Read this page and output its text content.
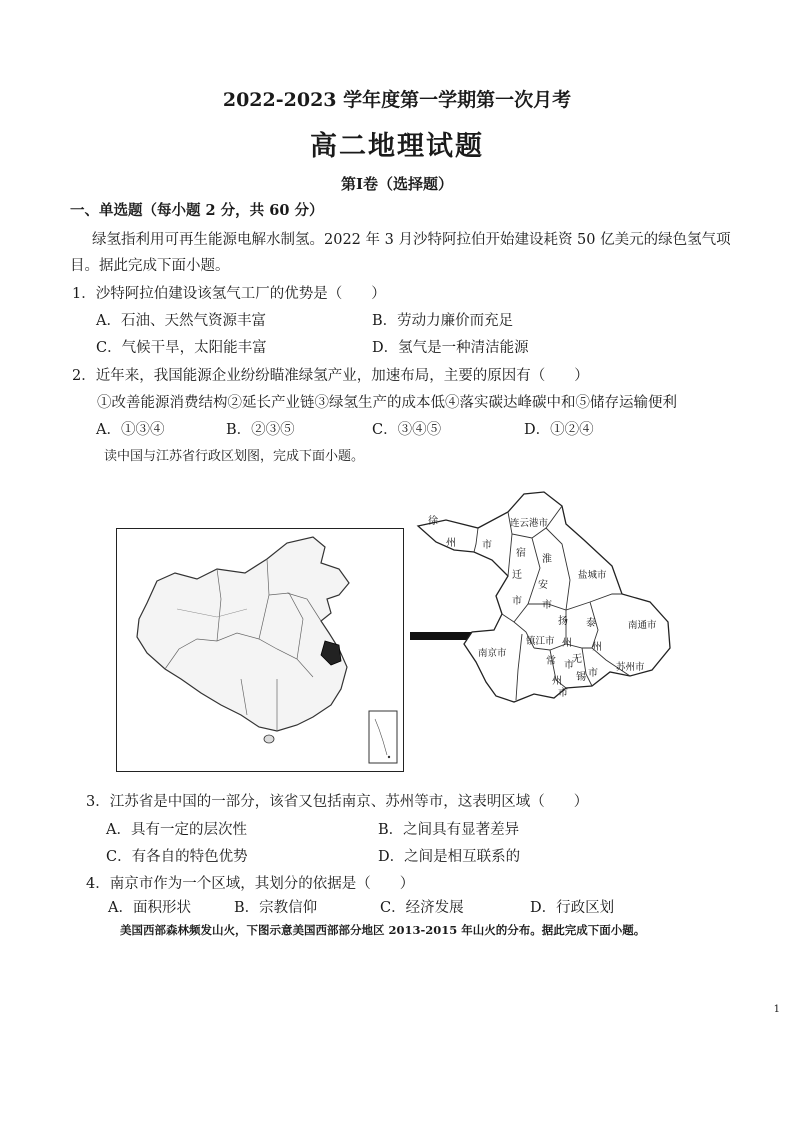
2022-2023 学年度第一学期第一次月考
高二地理试题
第Ⅰ卷（选择题）
一、单选题（每小题 2 分，共 60 分）
绿氢指利用可再生能源电解水制氢。2022 年 3 月沙特阿拉伯开始建设耗资 50 亿美元的绿色氢气项
目。据此完成下面小题。
1．沙特阿拉伯建设该氢气工厂的优势是（　　）
A．石油、天然气资源丰富	B．劳动力廉价而充足
C．气候干旱，太阳能丰富	D．氢气是一种清洁能源
2．近年来，我国能源企业纷纷瞄准绿氢产业，加速布局，主要的原因有（　　）
①改善能源消费结构②延长产业链③绿氢生产的成本低④落实碳达峰碳中和⑤储存运输便利
A．①③④	B．②③⑤	C．③④⑤	D．①②④
读中国与江苏省行政区划图，完成下面小题。
徐
州	市
连云港市
宿
迁
市
淮
安
市
盐城市
扬
州
市
泰
州
市
南通市
南京市
镇江市
常
州
市
无
锡
苏州市
3．江苏省是中国的一部分，该省又包括南京、苏州等市，这表明区域（　　）
A．具有一定的层次性	B．之间具有显著差异
C．有各自的特色优势	D．之间是相互联系的
4．南京市作为一个区域，其划分的依据是（　　）
A．面积形状	B．宗教信仰	C．经济发展	D．行政区划
美国西部森林频发山火，下图示意美国西部部分地区 2013-2015 年山火的分布。据此完成下面小题。
1
